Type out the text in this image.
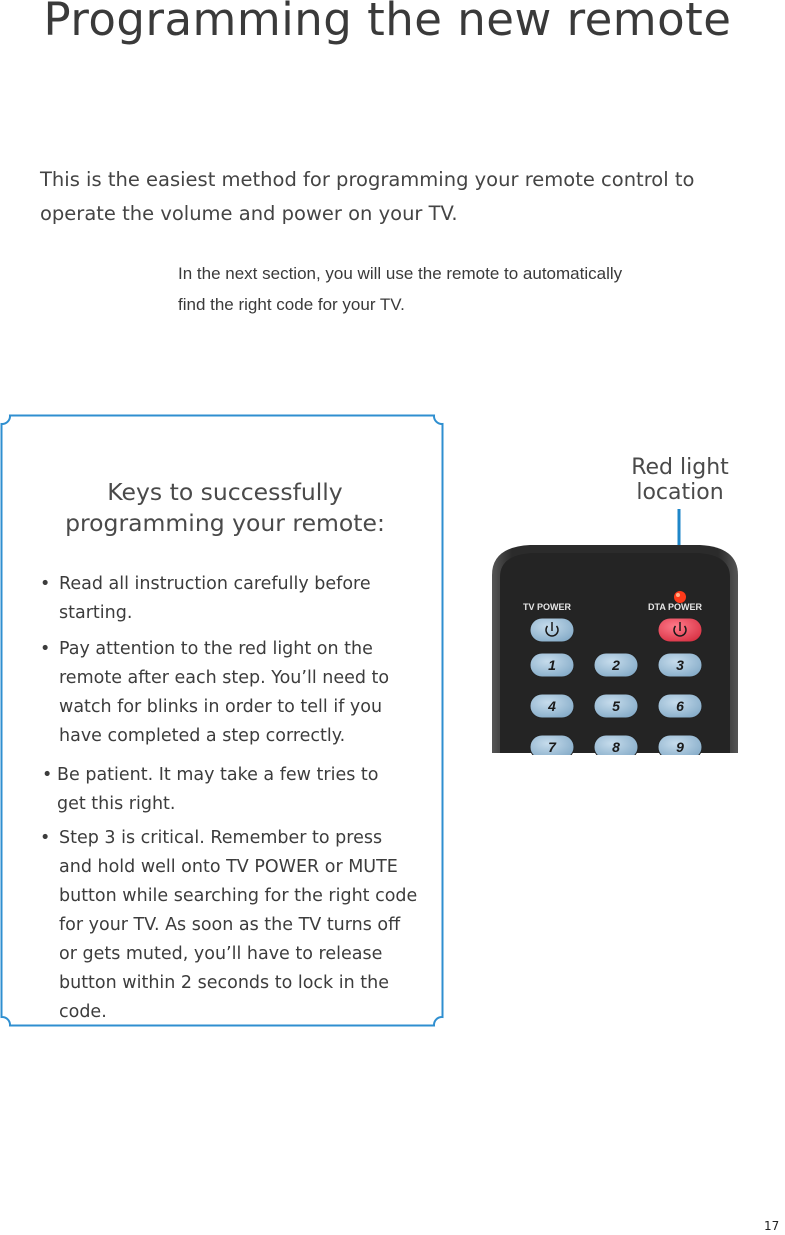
Programming the new remote

This is the easiest method for programming your remote control to operate the volume and power on your TV.

In the next section, you will use the remote to automatically find the right code for your TV.

Keys to successfully
programming your remote:
• Read all instruction carefully before starting.
• Pay attention to the red light on the remote after each step. You’ll need to watch for blinks in order to tell if you have completed a step correctly.
• Be patient. It may take a few tries to get this right.
• Step 3 is critical. Remember to press and hold well onto TV POWER or MUTE button while searching for the right code for your TV. As soon as the TV turns off or gets muted, you’ll have to release button within 2 seconds to lock in the code.
Red light
location
TV POWER	DTA POWER
1	2	3
4	5	6
7	8	9
17
